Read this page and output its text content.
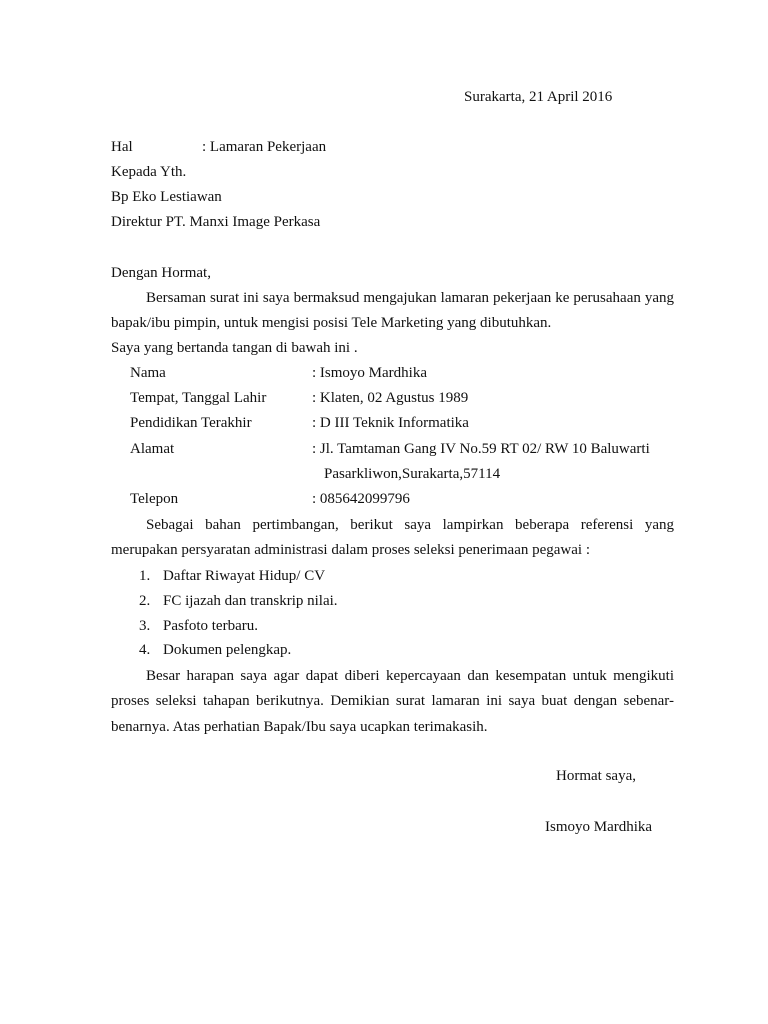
Surakarta, 21 April 2016
Hal	: Lamaran Pekerjaan
Kepada Yth.
Bp Eko Lestiawan
Direktur PT. Manxi Image Perkasa
Dengan Hormat,
Bersaman surat ini saya bermaksud mengajukan lamaran pekerjaan ke perusahaan yang
bapak/ibu pimpin, untuk mengisi posisi Tele Marketing yang dibutuhkan.
Saya yang bertanda tangan di bawah ini .
Nama	: Ismoyo Mardhika
Tempat, Tanggal Lahir	: Klaten, 02 Agustus 1989
Pendidikan Terakhir	: D III Teknik Informatika
Alamat	: Jl. Tamtaman Gang IV No.59 RT 02/ RW 10 Baluwarti
Pasarkliwon,Surakarta,57114
Telepon	: 085642099796
Sebagai bahan pertimbangan, berikut saya lampirkan beberapa referensi yang
merupakan persyaratan administrasi dalam proses seleksi penerimaan pegawai :
1. Daftar Riwayat Hidup/ CV
2. FC ijazah dan transkrip nilai.
3. Pasfoto terbaru.
4. Dokumen pelengkap.
Besar harapan saya agar dapat diberi kepercayaan dan kesempatan untuk mengikuti
proses seleksi tahapan berikutnya. Demikian surat lamaran ini saya buat dengan sebenar-
benarnya. Atas perhatian Bapak/Ibu saya ucapkan terimakasih.
Hormat saya,
Ismoyo Mardhika
